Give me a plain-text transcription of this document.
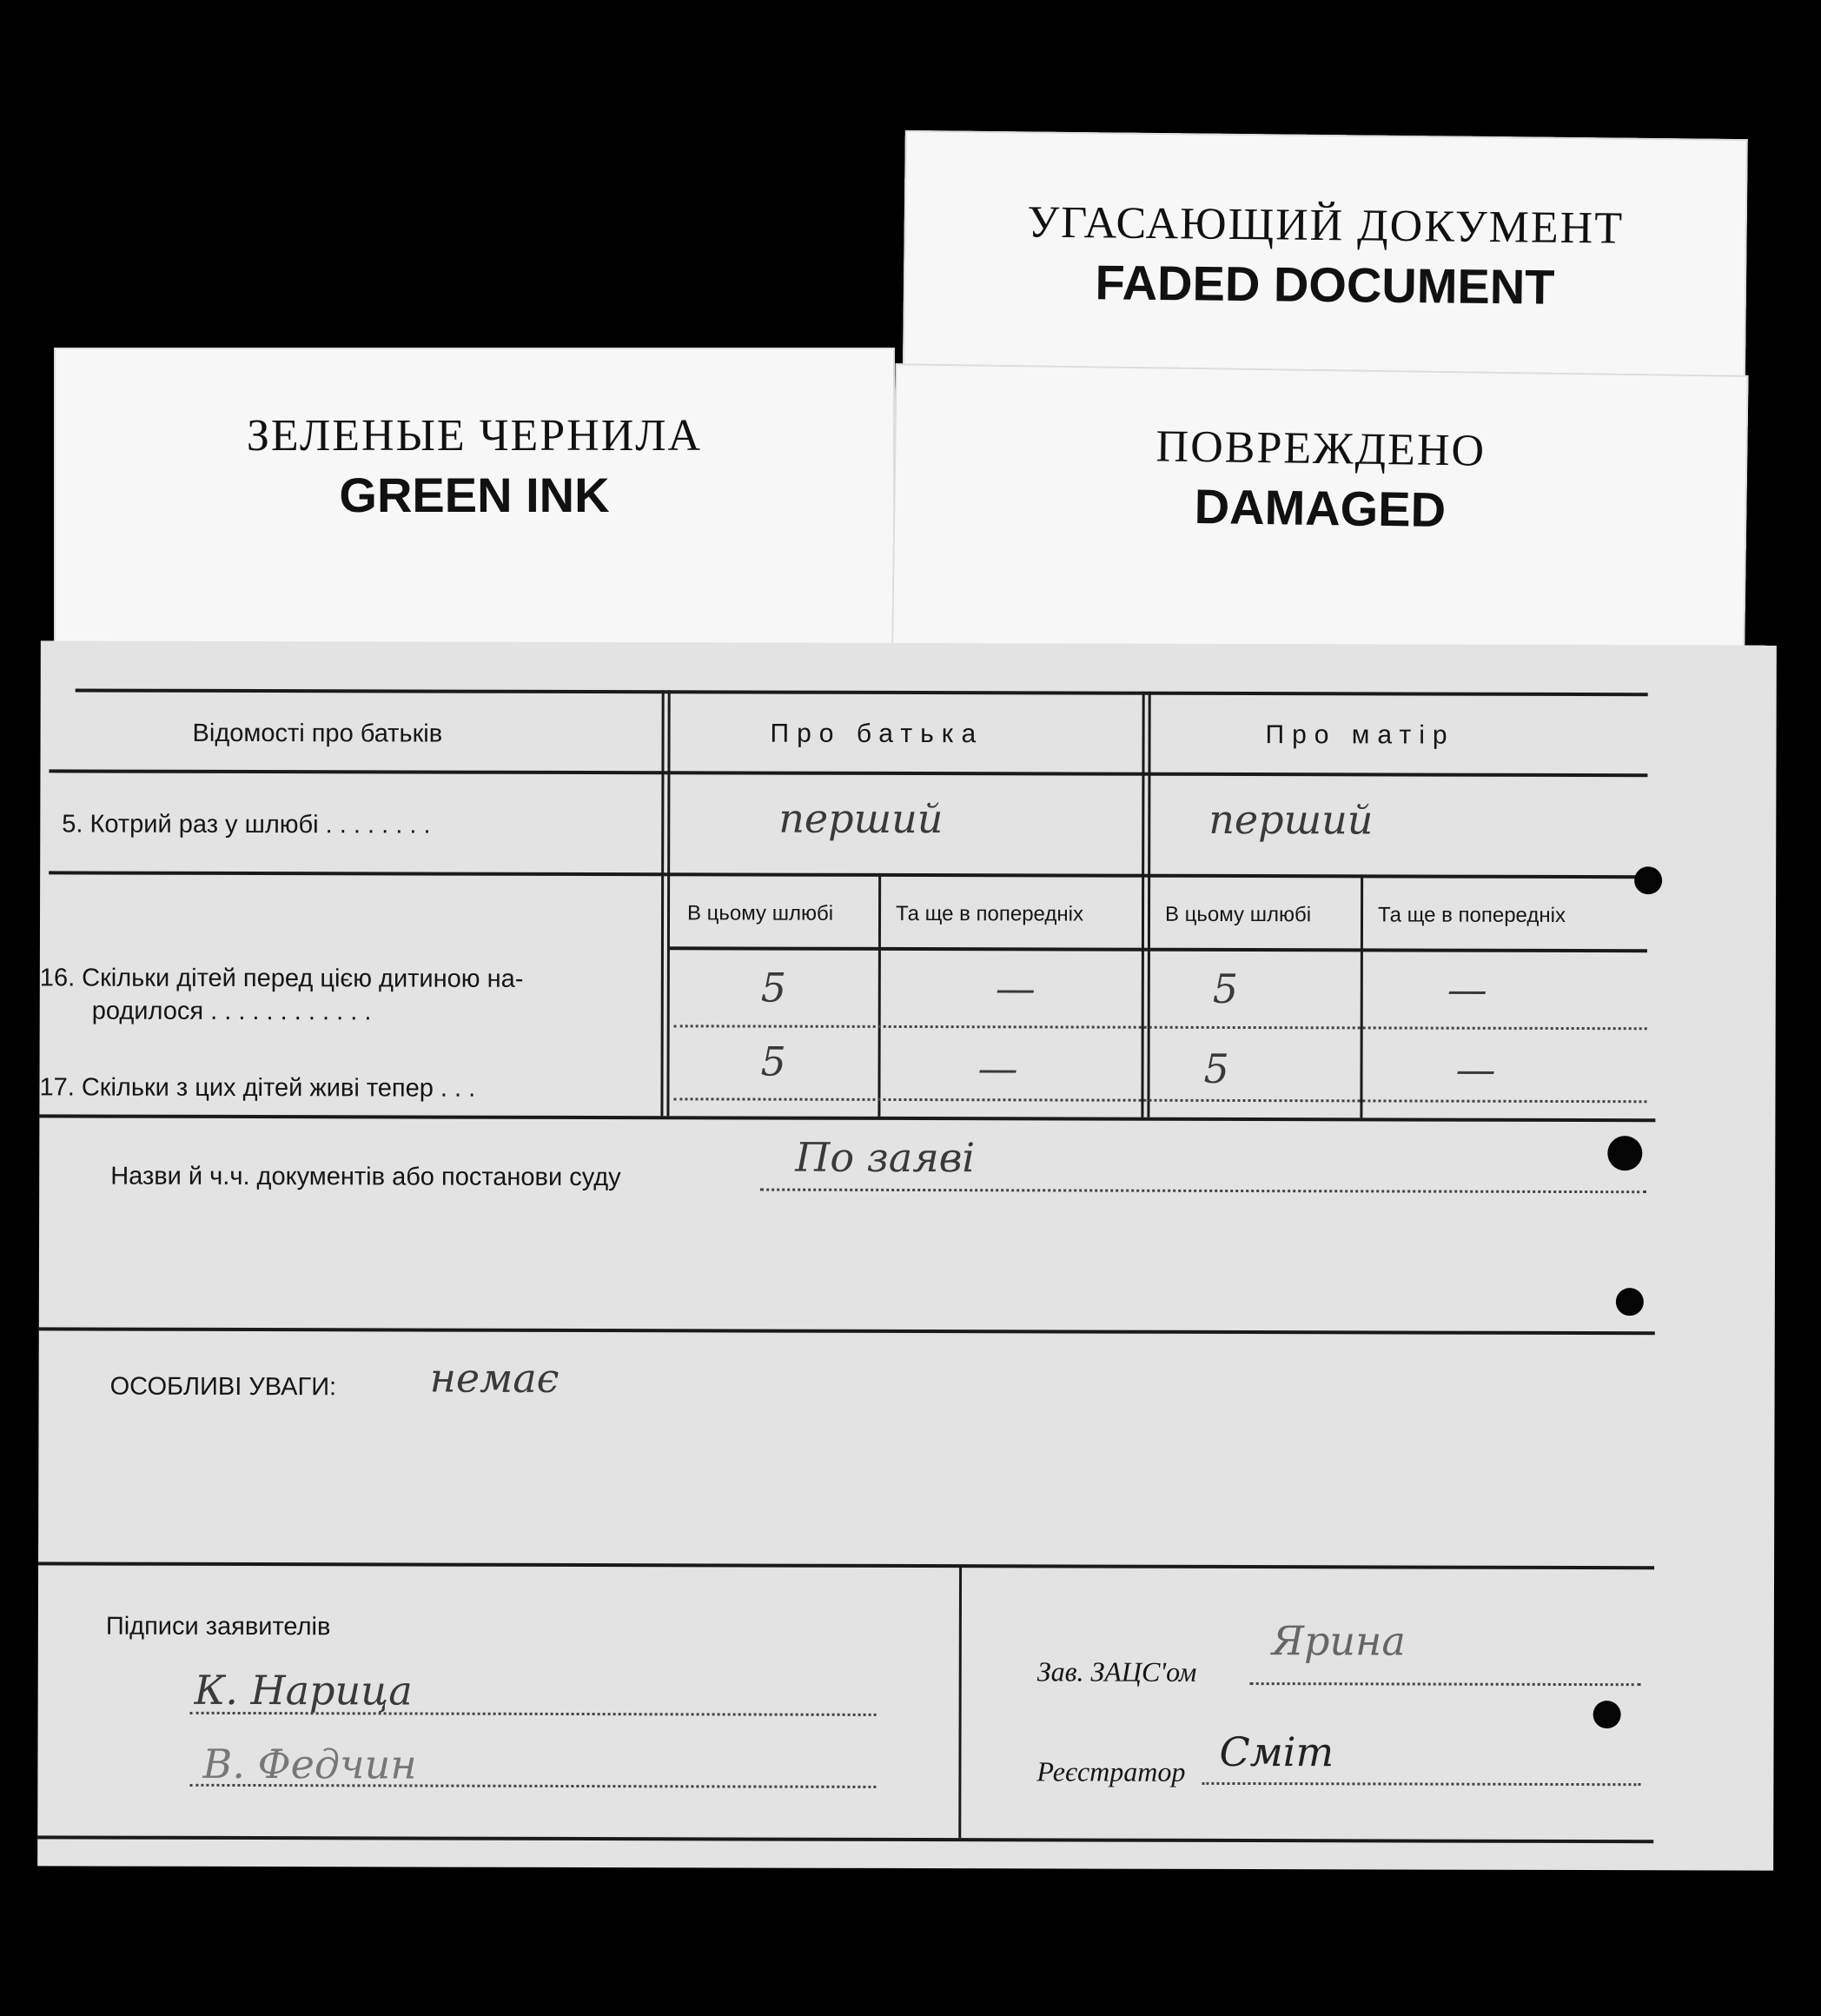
УГАСАЮЩИЙ ДОКУМЕНТ
FADED DOCUMENT
ЗЕЛЕНЫЕ ЧЕРНИЛА
GREEN INK
ПОВРЕЖДЕНО
DAMAGED
Відомості про батьків	Про батька	Про матір
5. Котрий раз у шлюбі . . . . . . . .	перший	перший
В цьому шлюбі	Та ще в попередніх	В цьому шлюбі	Та ще в попередніх
16. Скільки дітей перед цією дитиною на-
родилося . . . . . . . . . . . .
5	—	5	—
17. Скільки з цих дітей живі тепер . . .
5	—	5	—
Назви й ч.ч. документів або постанови суду	По заяві
ОСОБЛИВІ УВАГИ: немає
Підписи заявителів
К. Нарица
В. Федчин
Зав. ЗАЦС'ом
Ярина
Реєстратор Сміт
